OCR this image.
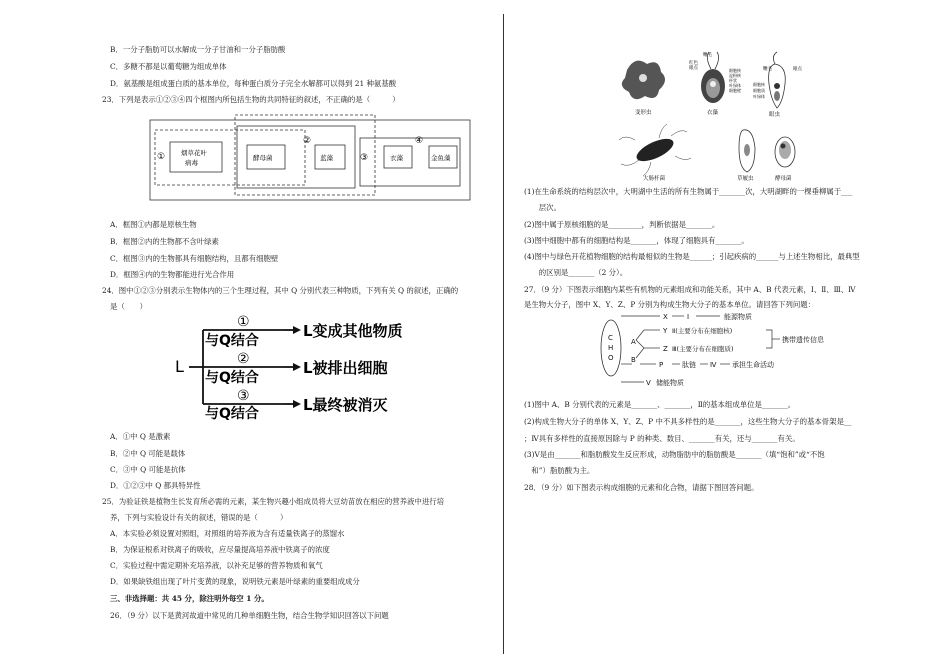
B．一分子脂肪可以水解成一分子甘油和一分子脂肪酸
C．多糖不都是以葡萄糖为组成单体
D．氨基酸是组成蛋白质的基本单位，每种蛋白质分子完全水解都可以得到 21 种氨基酸
23．下列是表示①②③④四个框图内所包括生物的共同特征的叙述，不正确的是（　　　）
烟草花叶
病毒
酵母菌	蓝藻	衣藻	金鱼藻
①
②
③
④
A．框图①内都是原核生物
B．框图②内的生物都不含叶绿素
C．框图③内的生物都具有细胞结构，且都有细胞壁
D．框图④内的生物都能进行光合作用
24．图中①②③分别表示生物体内的三个生理过程，其中 Q 分别代表三种物质，下列有关 Q 的叙述，正确的
是（　　）
L
①
②
③
与Q结合
与Q结合
与Q结合
L变成其他物质
L被排出细胞
L最终被消灭
A．①中 Q 是激素
B．②中 Q 可能是载体
C．③中 Q 可能是抗体
D．①②③中 Q 都具特异性
25．为验证铁是植物生长发育所必需的元素，某生物兴趣小组成员将大豆幼苗放在相应的营养液中进行培
养，下列与实验设计有关的叙述，错误的是（　　　）
A．本实验必须设置对照组，对照组的培养液为含有适量铁离子的蒸馏水
B．为保证根系对铁离子的吸收，应尽量提高培养液中铁离子的浓度
C．实验过程中需定期补充培养液，以补充足够的营养物质和氧气
D．如果缺铁组出现了叶片变黄的现象，说明铁元素是叶绿素的重要组成成分
三、非选择题：共 45 分，除注明外每空 1 分。
26．（9 分）以下是黄河故道中常见的几种单细胞生物，结合生物学知识回答以下问题
变形虫
鞭毛
红色
眼点	细胞核
淀粉核
杯状
叶绿体
细胞壁
衣藻
鞭毛	眼点
细胞核
细胞质
叶绿体
眼虫
大肠杆菌	草履虫	酵母菌
(1)在生命系统的结构层次中，大明湖中生活的所有生物属于_______次，大明湖畔的一棵垂柳属于___
　　层次。
(2)图中属于原核细胞的是_________，判断依据是_______。
(3)图中细胞中都有的细胞结构是_______，体现了细胞具有_______。
(4)图中与绿色开花植物细胞的结构最相似的生物是______；引起疾病的______与上述生物相比，最典型
　　的区别是_______（2 分）。
27．（9 分）下图表示细胞内某些有机物的元素组成和功能关系，其中 A、B 代表元素，Ⅰ、Ⅱ、Ⅲ、Ⅳ
是生物大分子，图中 X、Y、Z、P 分别为构成生物大分子的基本单位。请回答下列问题：
C
H
O
A
B
X	Ⅰ	能源物质
Y Ⅱ(主要分布在细胞核)
Z Ⅲ(主要分布在细胞质)
携带遗传信息
P	肽链 Ⅳ 承担生命活动
Ⅴ 储能物质
(1)图中 A、B 分别代表的元素是_______、_______，Ⅱ的基本组成单位是_______。
(2)构成生物大分子的单体 X、Y、Z、P 中不具多样性的是_______，这些生物大分子的基本骨架是__
；Ⅳ具有多样性的直接原因除与 P 的种类、数目、_______有关，还与_______有关。
(3)Ⅴ是由_______和脂肪酸发生反应形成，动物脂肪中的脂肪酸是_______（填“饱和”或“不饱
　和”）脂肪酸为主。
28．（9 分）如下图表示构成细胞的元素和化合物，请据下图回答问题。
